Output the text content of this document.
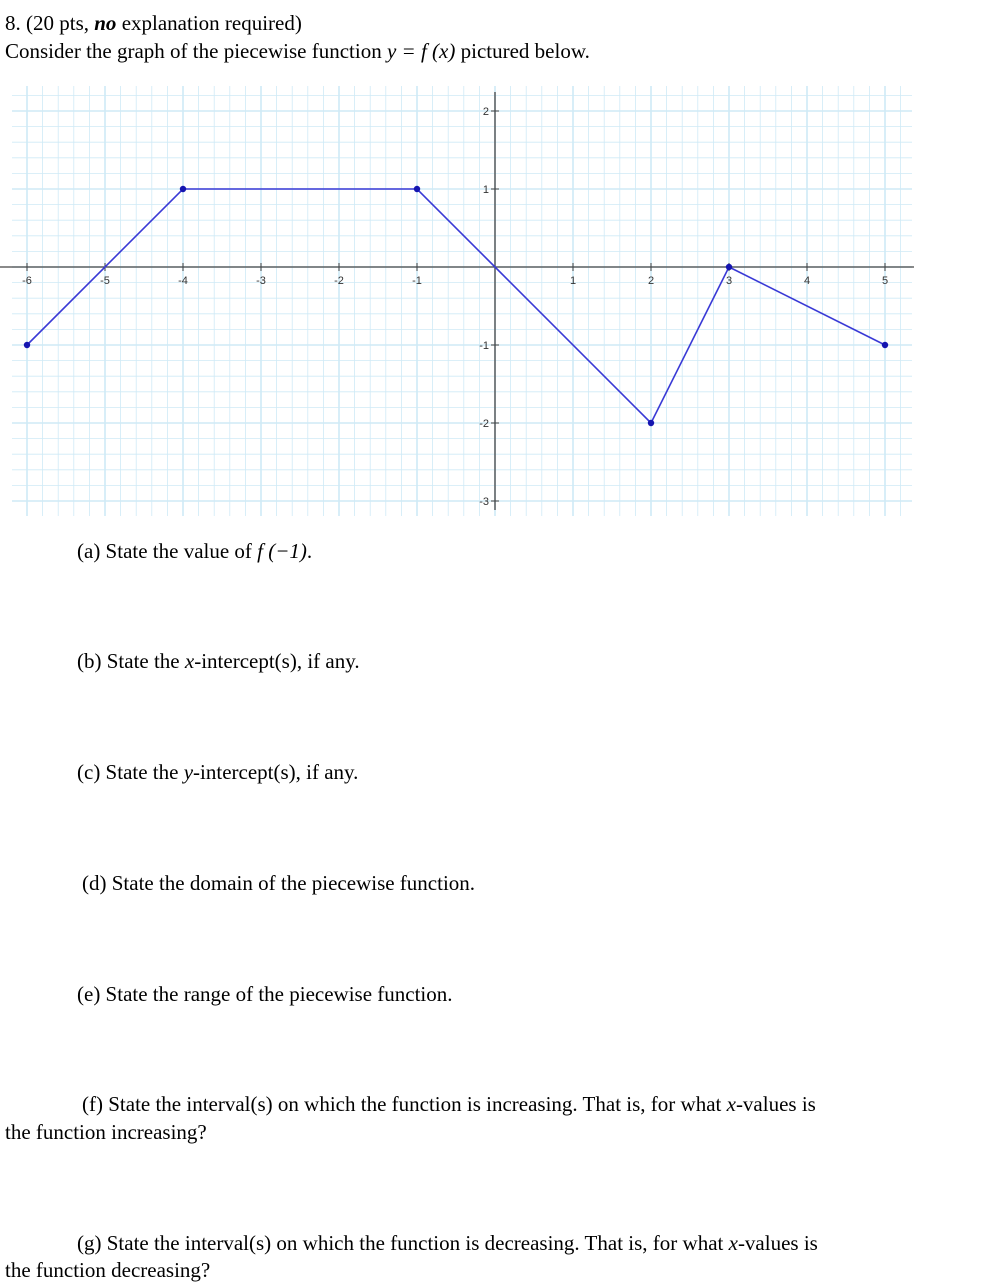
8. (20 pts, no explanation required)
Consider the graph of the piecewise function y = f (x) pictured below.
-6	-5	-4	-3	-2	-1	1	2	3	4	5
2
1
-1
-2
-3
(a) State the value of f (−1).
(b) State the x-intercept(s), if any.
(c) State the y-intercept(s), if any.
(d) State the domain of the piecewise function.
(e) State the range of the piecewise function.
(f) State the interval(s) on which the function is increasing. That is, for what x-values is
the function increasing?
(g) State the interval(s) on which the function is decreasing. That is, for what x-values is
the function decreasing?
